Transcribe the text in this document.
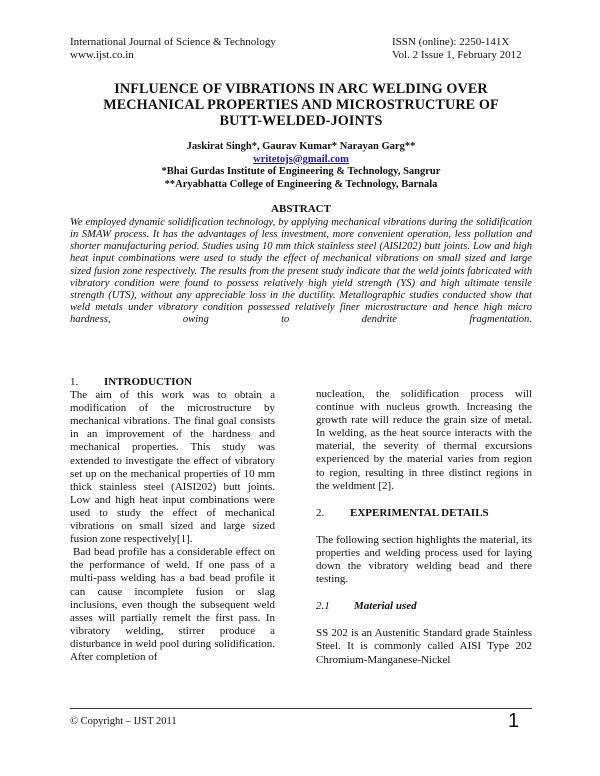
International Journal of Science & Technology
www.ijst.co.in
ISSN (online): 2250-141X
Vol. 2 Issue 1, February 2012
INFLUENCE OF VIBRATIONS IN ARC WELDING OVER
MECHANICAL PROPERTIES AND MICROSTRUCTURE OF
BUTT-WELDED-JOINTS
Jaskirat Singh*, Gaurav Kumar* Narayan Garg**
writetojs@gmail.com
*Bhai Gurdas Institute of Engineering & Technology, Sangrur
**Aryabhatta College of Engineering & Technology, Barnala
ABSTRACT
We employed dynamic solidification technology, by applying mechanical vibrations during the solidification in SMAW process. It has the advantages of less investment, more convenient operation, less pollution and shorter manufacturing period. Studies using 10 mm thick stainless steel (AISI202) butt joints. Low and high heat input combinations were used to study the effect of mechanical vibrations on small sized and large sized fusion zone respectively. The results from the present study indicate that the weld joints fabricated with vibratory condition were found to possess relatively high yield strength (YS) and high ultimate tensile strength (UTS), without any appreciable loss in the ductility. Metallographic studies conducted show that weld metals under vibratory condition possessed relatively finer microstructure and hence high micro hardness, owing to dendrite fragmentation.
1. INTRODUCTION

The aim of this work was to obtain a modification of the microstructure by mechanical vibrations. The final goal consists in an improvement of the hardness and mechanical properties. This study was extended to investigate the effect of vibratory set up on the mechanical properties of 10 mm thick stainless steel (AISI202) butt joints. Low and high heat input combinations were used to study the effect of mechanical vibrations on small sized and large sized fusion zone respectively[1].

Bad bead profile has a considerable effect on the performance of weld. If one pass of a multi-pass welding has a bad bead profile it can cause incomplete fusion or slag inclusions, even though the subsequent weld asses will partially remelt the first pass. In vibratory welding, stirrer produce a disturbance in weld pool during solidification. After completion of

nucleation, the solidification process will continue with nucleus growth. Increasing the growth rate will reduce the grain size of metal. In welding, as the heat source interacts with the material, the severity of thermal excursions experienced by the material varies from region to region, resulting in three distinct regions in the weldment [2].

2. EXPERIMENTAL DETAILS

The following section highlights the material, its properties and welding process used for laying down the vibratory welding bead and there testing.

2.1 Material used

SS 202 is an Austenitic Standard grade Stainless Steel. It is commonly called AISI Type 202 Chromium-Manganese-Nickel

© Copyright – IJST 2011	1
